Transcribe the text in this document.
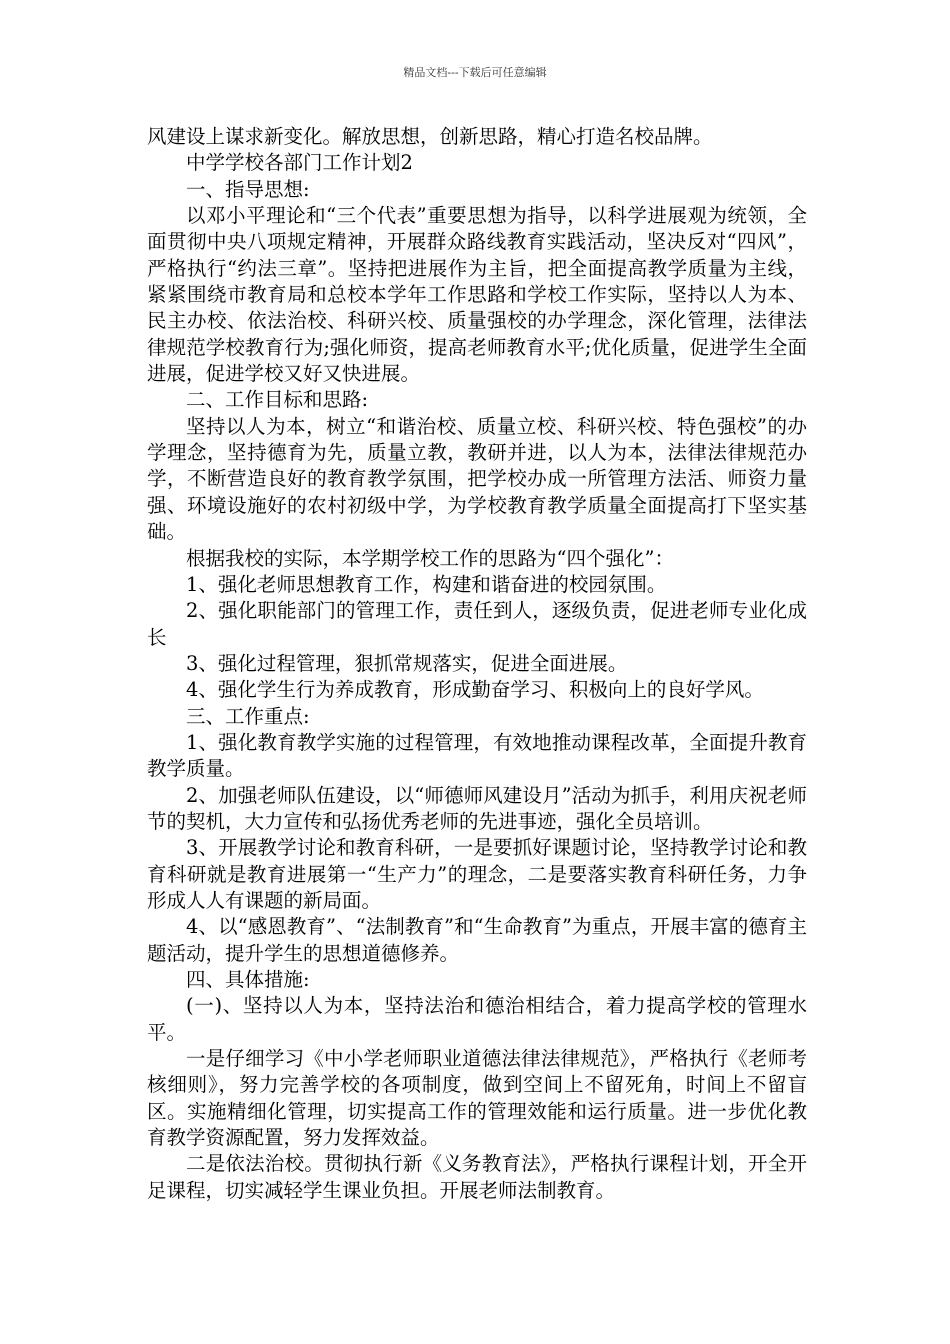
精品文档---下载后可任意编辑

风建设上谋求新变化。解放思想，创新思路，精心打造名校品牌。

中学学校各部门工作计划2

一、指导思想:

以邓小平理论和“三个代表”重要思想为指导，以科学进展观为统领，全面贯彻中央八项规定精神，开展群众路线教育实践活动，坚决反对“四风”，严格执行“约法三章”。坚持把进展作为主旨，把全面提高教学质量为主线，紧紧围绕市教育局和总校本学年工作思路和学校工作实际，坚持以人为本、民主办校、依法治校、科研兴校、质量强校的办学理念，深化管理，法律法律规范学校教育行为;强化师资，提高老师教育水平;优化质量，促进学生全面进展，促进学校又好又快进展。

二、工作目标和思路:

坚持以人为本，树立“和谐治校、质量立校、科研兴校、特色强校”的办学理念，坚持德育为先，质量立教，教研并进，以人为本，法律法律规范办学，不断营造良好的教育教学氛围，把学校办成一所管理方法活、师资力量强、环境设施好的农村初级中学，为学校教育教学质量全面提高打下坚实基础。

根据我校的实际，本学期学校工作的思路为“四个强化”：

1、强化老师思想教育工作，构建和谐奋进的校园氛围。

2、强化职能部门的管理工作，责任到人，逐级负责，促进老师专业化成长

3、强化过程管理，狠抓常规落实，促进全面进展。

4、强化学生行为养成教育，形成勤奋学习、积极向上的良好学风。

三、工作重点:

1、强化教育教学实施的过程管理，有效地推动课程改革，全面提升教育教学质量。

2、加强老师队伍建设，以“师德师风建设月”活动为抓手，利用庆祝老师节的契机，大力宣传和弘扬优秀老师的先进事迹，强化全员培训。

3、开展教学讨论和教育科研，一是要抓好课题讨论，坚持教学讨论和教育科研就是教育进展第一“生产力”的理念，二是要落实教育科研任务，力争形成人人有课题的新局面。

4、以“感恩教育”、“法制教育”和“生命教育”为重点，开展丰富的德育主题活动，提升学生的思想道德修养。

四、具体措施:

(一)、坚持以人为本，坚持法治和德治相结合，着力提高学校的管理水平。

一是仔细学习《中小学老师职业道德法律法律规范》，严格执行《老师考核细则》，努力完善学校的各项制度，做到空间上不留死角，时间上不留盲区。实施精细化管理，切实提高工作的管理效能和运行质量。进一步优化教育教学资源配置，努力发挥效益。

二是依法治校。贯彻执行新《义务教育法》，严格执行课程计划，开全开足课程，切实减轻学生课业负担。开展老师法制教育。
